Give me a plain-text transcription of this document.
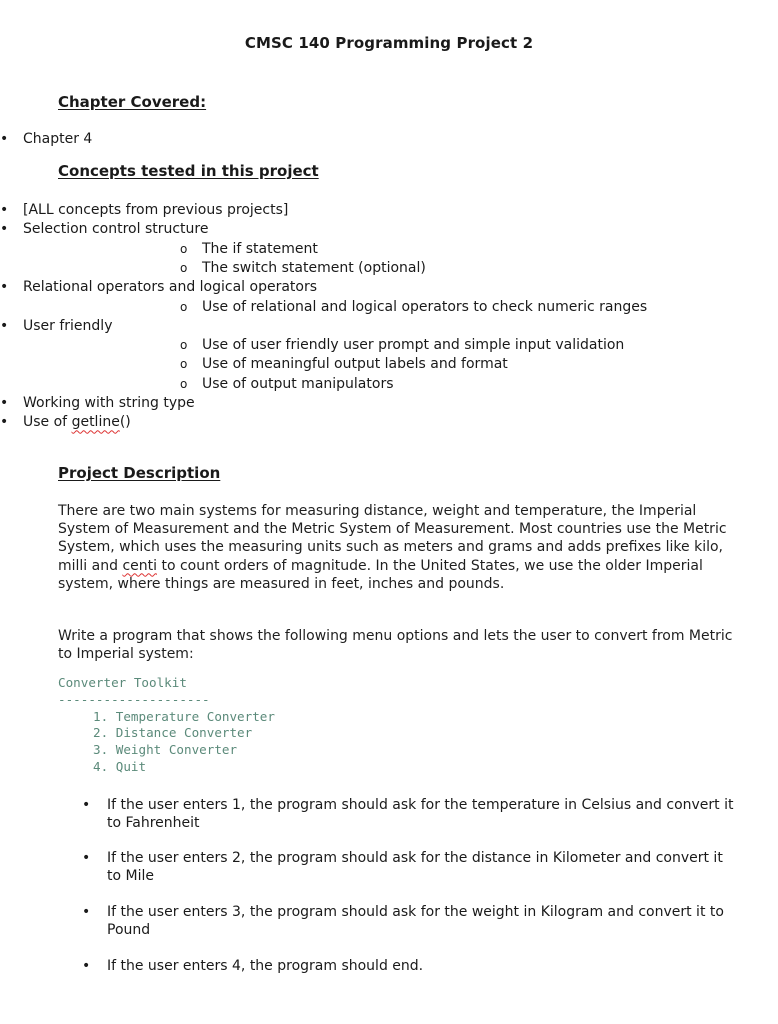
CMSC 140 Programming Project 2
Chapter Covered:
• Chapter 4
Concepts tested in this project
• [ALL concepts from previous projects]
• Selection control structure
o The if statement
o The switch statement (optional)
• Relational operators and logical operators
o Use of relational and logical operators to check numeric ranges
• User friendly
o Use of user friendly user prompt and simple input validation
o Use of meaningful output labels and format
o Use of output manipulators
• Working with string type
• Use of getline()
Project Description

There are two main systems for measuring distance, weight and temperature, the Imperial System of Measurement and the Metric System of Measurement. Most countries use the Metric System, which uses the measuring units such as meters and grams and adds prefixes like kilo, milli and centi to count orders of magnitude. In the United States, we use the older Imperial system, where things are measured in feet, inches and pounds.

Write a program that shows the following menu options and lets the user to convert from Metric to Imperial system:

Converter Toolkit
--------------------
1. Temperature Converter
2. Distance Converter
3. Weight Converter
4. Quit
• If the user enters 1, the program should ask for the temperature in Celsius and convert it to Fahrenheit
• If the user enters 2, the program should ask for the distance in Kilometer and convert it to Mile
• If the user enters 3, the program should ask for the weight in Kilogram and convert it to Pound
• If the user enters 4, the program should end.
